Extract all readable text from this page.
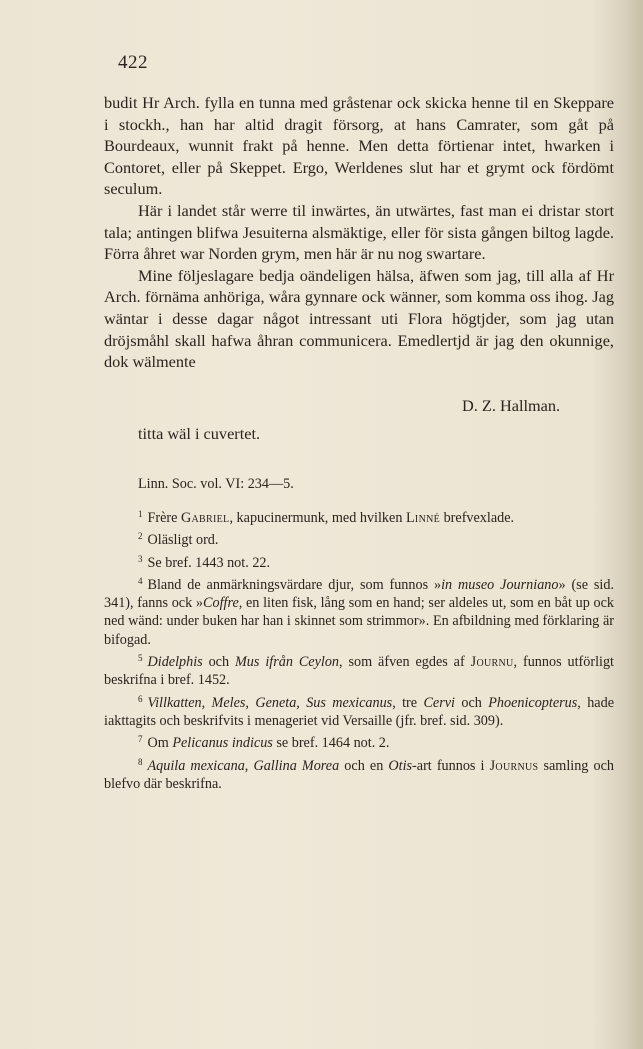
422

budit Hr Arch. fylla en tunna med gråstenar ock skicka henne til en Skeppare i stockh., han har altid dragit försorg, at hans Camrater, som gåt på Bourdeaux, wunnit frakt på henne. Men detta förtienar intet, hwarken i Contoret, eller på Skeppet. Ergo, Werldenes slut har et grymt ock fördömt seculum.

Här i landet står werre til inwärtes, än utwärtes, fast man ei dristar stort tala; antingen blifwa Jesuiterna alsmäktige, eller för sista gången biltog lagde. Förra åhret war Norden grym, men här är nu nog swartare.

Mine följeslagare bedja oändeligen hälsa, äfwen som jag, till alla af Hr Arch. förnäma anhöriga, wåra gynnare ock wänner, som komma oss ihog. Jag wäntar i desse dagar något intressant uti Flora högtjder, som jag utan dröjsmåhl skall hafwa åhran communicera. Emedlertjd är jag den okunnige, dok wälmente

D. Z. Hallman.
titta wäl i cuvertet.
Linn. Soc. vol. VI: 234—5.

$^1$ Frère Gabriel, kapucinermunk, med hvilken Linné brefvexlade.

$^2$ Oläsligt ord.

$^3$ Se bref. 1443 not. 22.

$^4$ Bland de anmärkningsvärdare djur, som funnos »in museo Journiano» (se sid. 341), fanns ock »Coffre, en liten fisk, lång som en hand; ser aldeles ut, som en båt up ock ned wänd: under buken har han i skinnet som strimmor». En afbildning med förklaring är bifogad.

$^5$ Didelphis och Mus ifrån Ceylon, som äfven egdes af Journu, funnos utförligt beskrifna i bref. 1452.

$^6$ Villkatten, Meles, Geneta, Sus mexicanus, tre Cervi och Phoenicopterus, hade iakttagits och beskrifvits i menageriet vid Versaille (jfr. bref. sid. 309).

$^7$ Om Pelicanus indicus se bref. 1464 not. 2.

$^8$ Aquila mexicana, Gallina Morea och en Otis-art funnos i Journus samling och blefvo där beskrifna.
